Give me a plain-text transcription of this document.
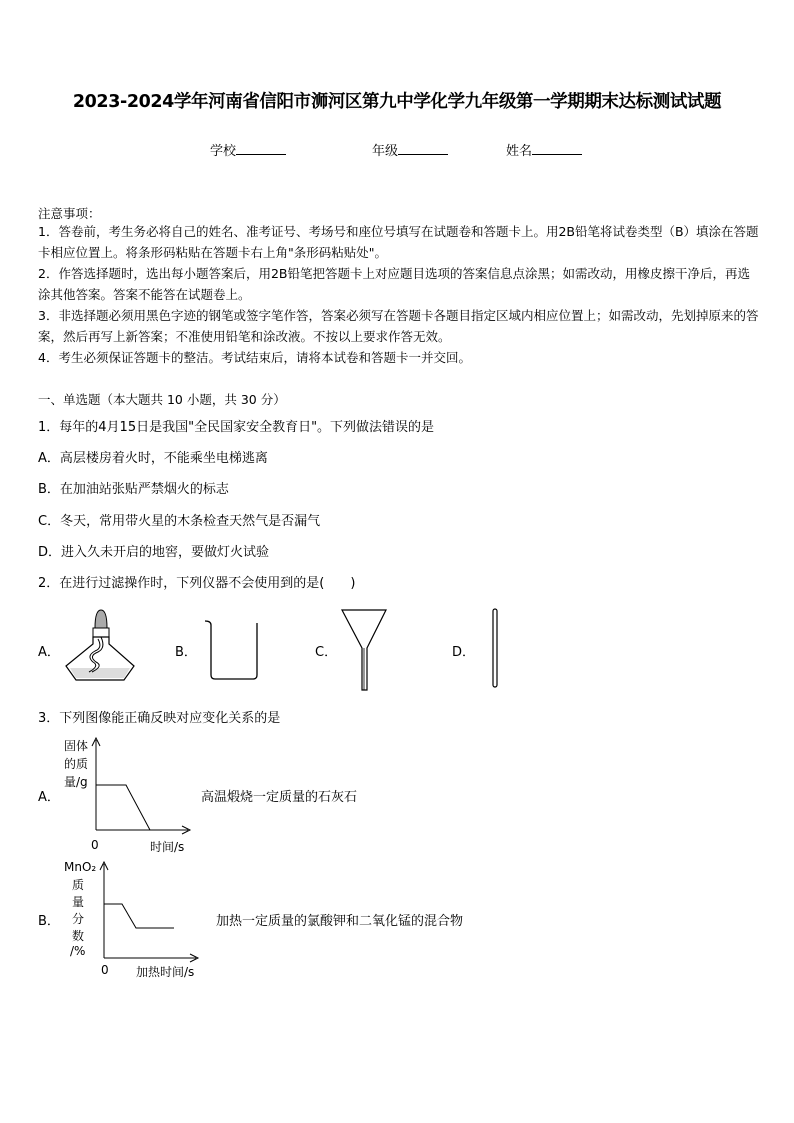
2023-2024学年河南省信阳市浉河区第九中学化学九年级第一学期期末达标测试试题
学校	年级	姓名
注意事项：
1．答卷前，考生务必将自己的姓名、准考证号、考场号和座位号填写在试题卷和答题卡上。用2B铅笔将试卷类型（B）填涂在答题卡相应位置上。将条形码粘贴在答题卡右上角"条形码粘贴处"。
2．作答选择题时，选出每小题答案后，用2B铅笔把答题卡上对应题目选项的答案信息点涂黑；如需改动，用橡皮擦干净后，再选涂其他答案。答案不能答在试题卷上。
3．非选择题必须用黑色字迹的钢笔或签字笔作答，答案必须写在答题卡各题目指定区域内相应位置上；如需改动，先划掉原来的答案，然后再写上新答案；不准使用铅笔和涂改液。不按以上要求作答无效。
4．考生必须保证答题卡的整洁。考试结束后，请将本试卷和答题卡一并交回。
一、单选题（本大题共 10 小题，共 30 分）
1．每年的4月15日是我国"全民国家安全教育日"。下列做法错误的是
A．高层楼房着火时，不能乘坐电梯逃离
B．在加油站张贴严禁烟火的标志
C．冬天，常用带火星的木条检查天然气是否漏气
D．进入久未开启的地窖，要做灯火试验
2．在进行过滤操作时，下列仪器不会使用到的是(　　)
A．	B．	C．	D．
3．下列图像能正确反映对应变化关系的是
A．
固体
的质
量/g
0	时间/s
高温煅烧一定质量的石灰石
B．
MnO₂
质
量
分
数
/%
0 加热时间/s
加热一定质量的氯酸钾和二氧化锰的混合物
